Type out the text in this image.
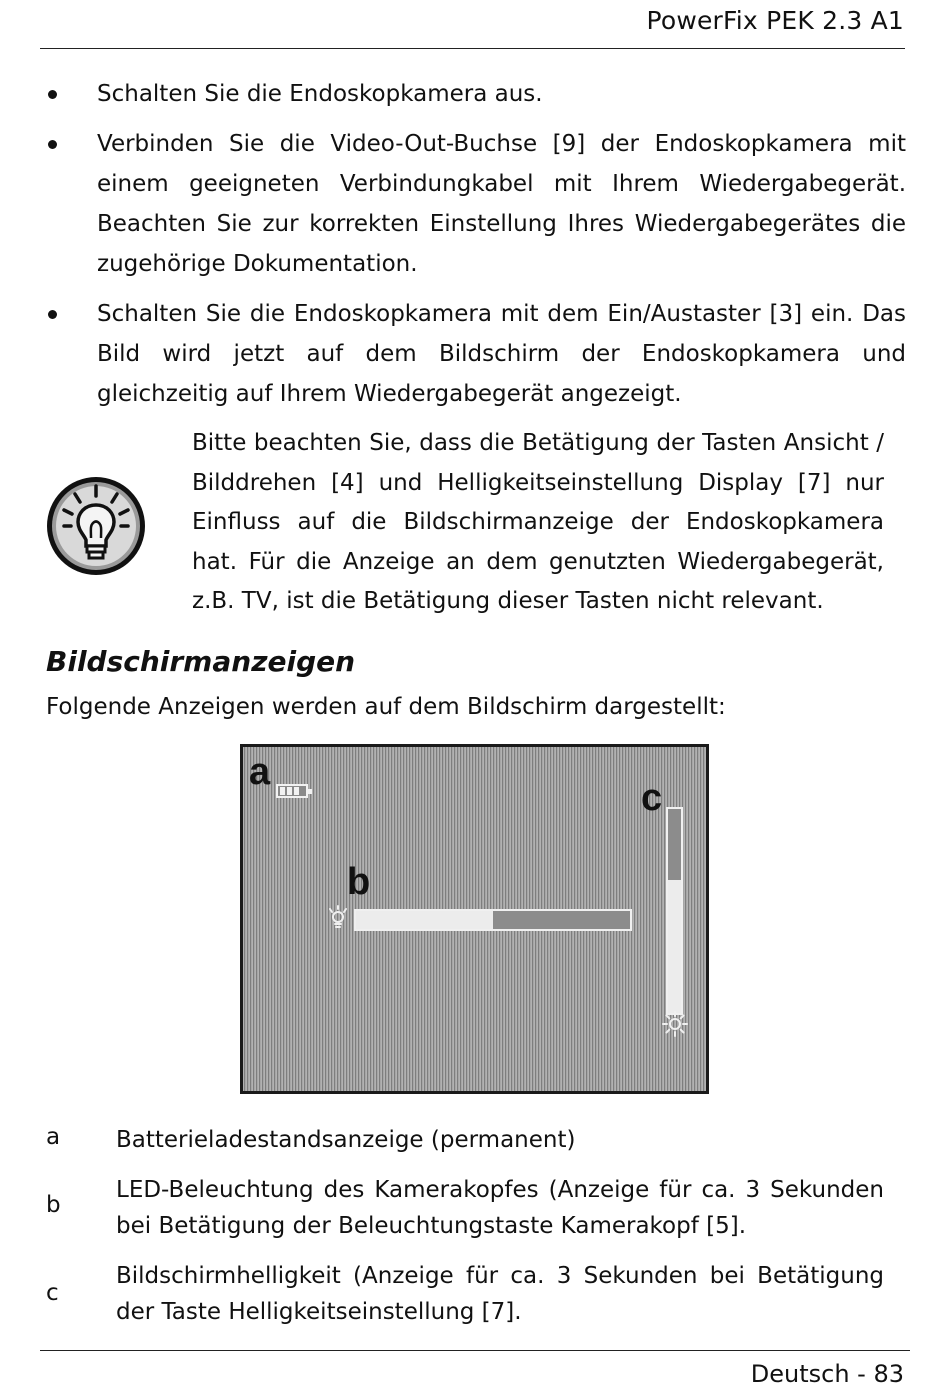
PowerFix PEK 2.3 A1
Schalten Sie die Endoskopkamera aus.
Verbinden Sie die Video-Out-Buchse [9] der Endoskopkamera mit einem geeigneten Verbindungkabel mit Ihrem Wiedergabegerät. Beachten Sie zur korrekten Einstellung Ihres Wiedergabegerätes die zugehörige Dokumentation.
Schalten Sie die Endoskopkamera mit dem Ein/Austaster [3] ein. Das Bild wird jetzt auf dem Bildschirm der Endoskopkamera und gleichzeitig auf Ihrem Wiedergabegerät angezeigt.
Bitte beachten Sie, dass die Betätigung der Tasten Ansicht / Bilddrehen [4] und Helligkeitseinstellung Display [7] nur Einfluss auf die Bildschirmanzeige der Endoskopkamera hat. Für die Anzeige an dem genutzten Wiedergabegerät, z.B. TV, ist die Betätigung dieser Tasten nicht relevant.
Bildschirmanzeigen
Folgende Anzeigen werden auf dem Bildschirm dargestellt:
a
b
c
a Batterieladestandsanzeige (permanent)
b
LED-Beleuchtung des Kamerakopfes (Anzeige für ca. 3 Sekunden bei Betätigung der Beleuchtungstaste Kamerakopf [5].
c
Bildschirmhelligkeit (Anzeige für ca. 3 Sekunden bei Betätigung der Taste Helligkeitseinstellung [7].
Deutsch - 83
